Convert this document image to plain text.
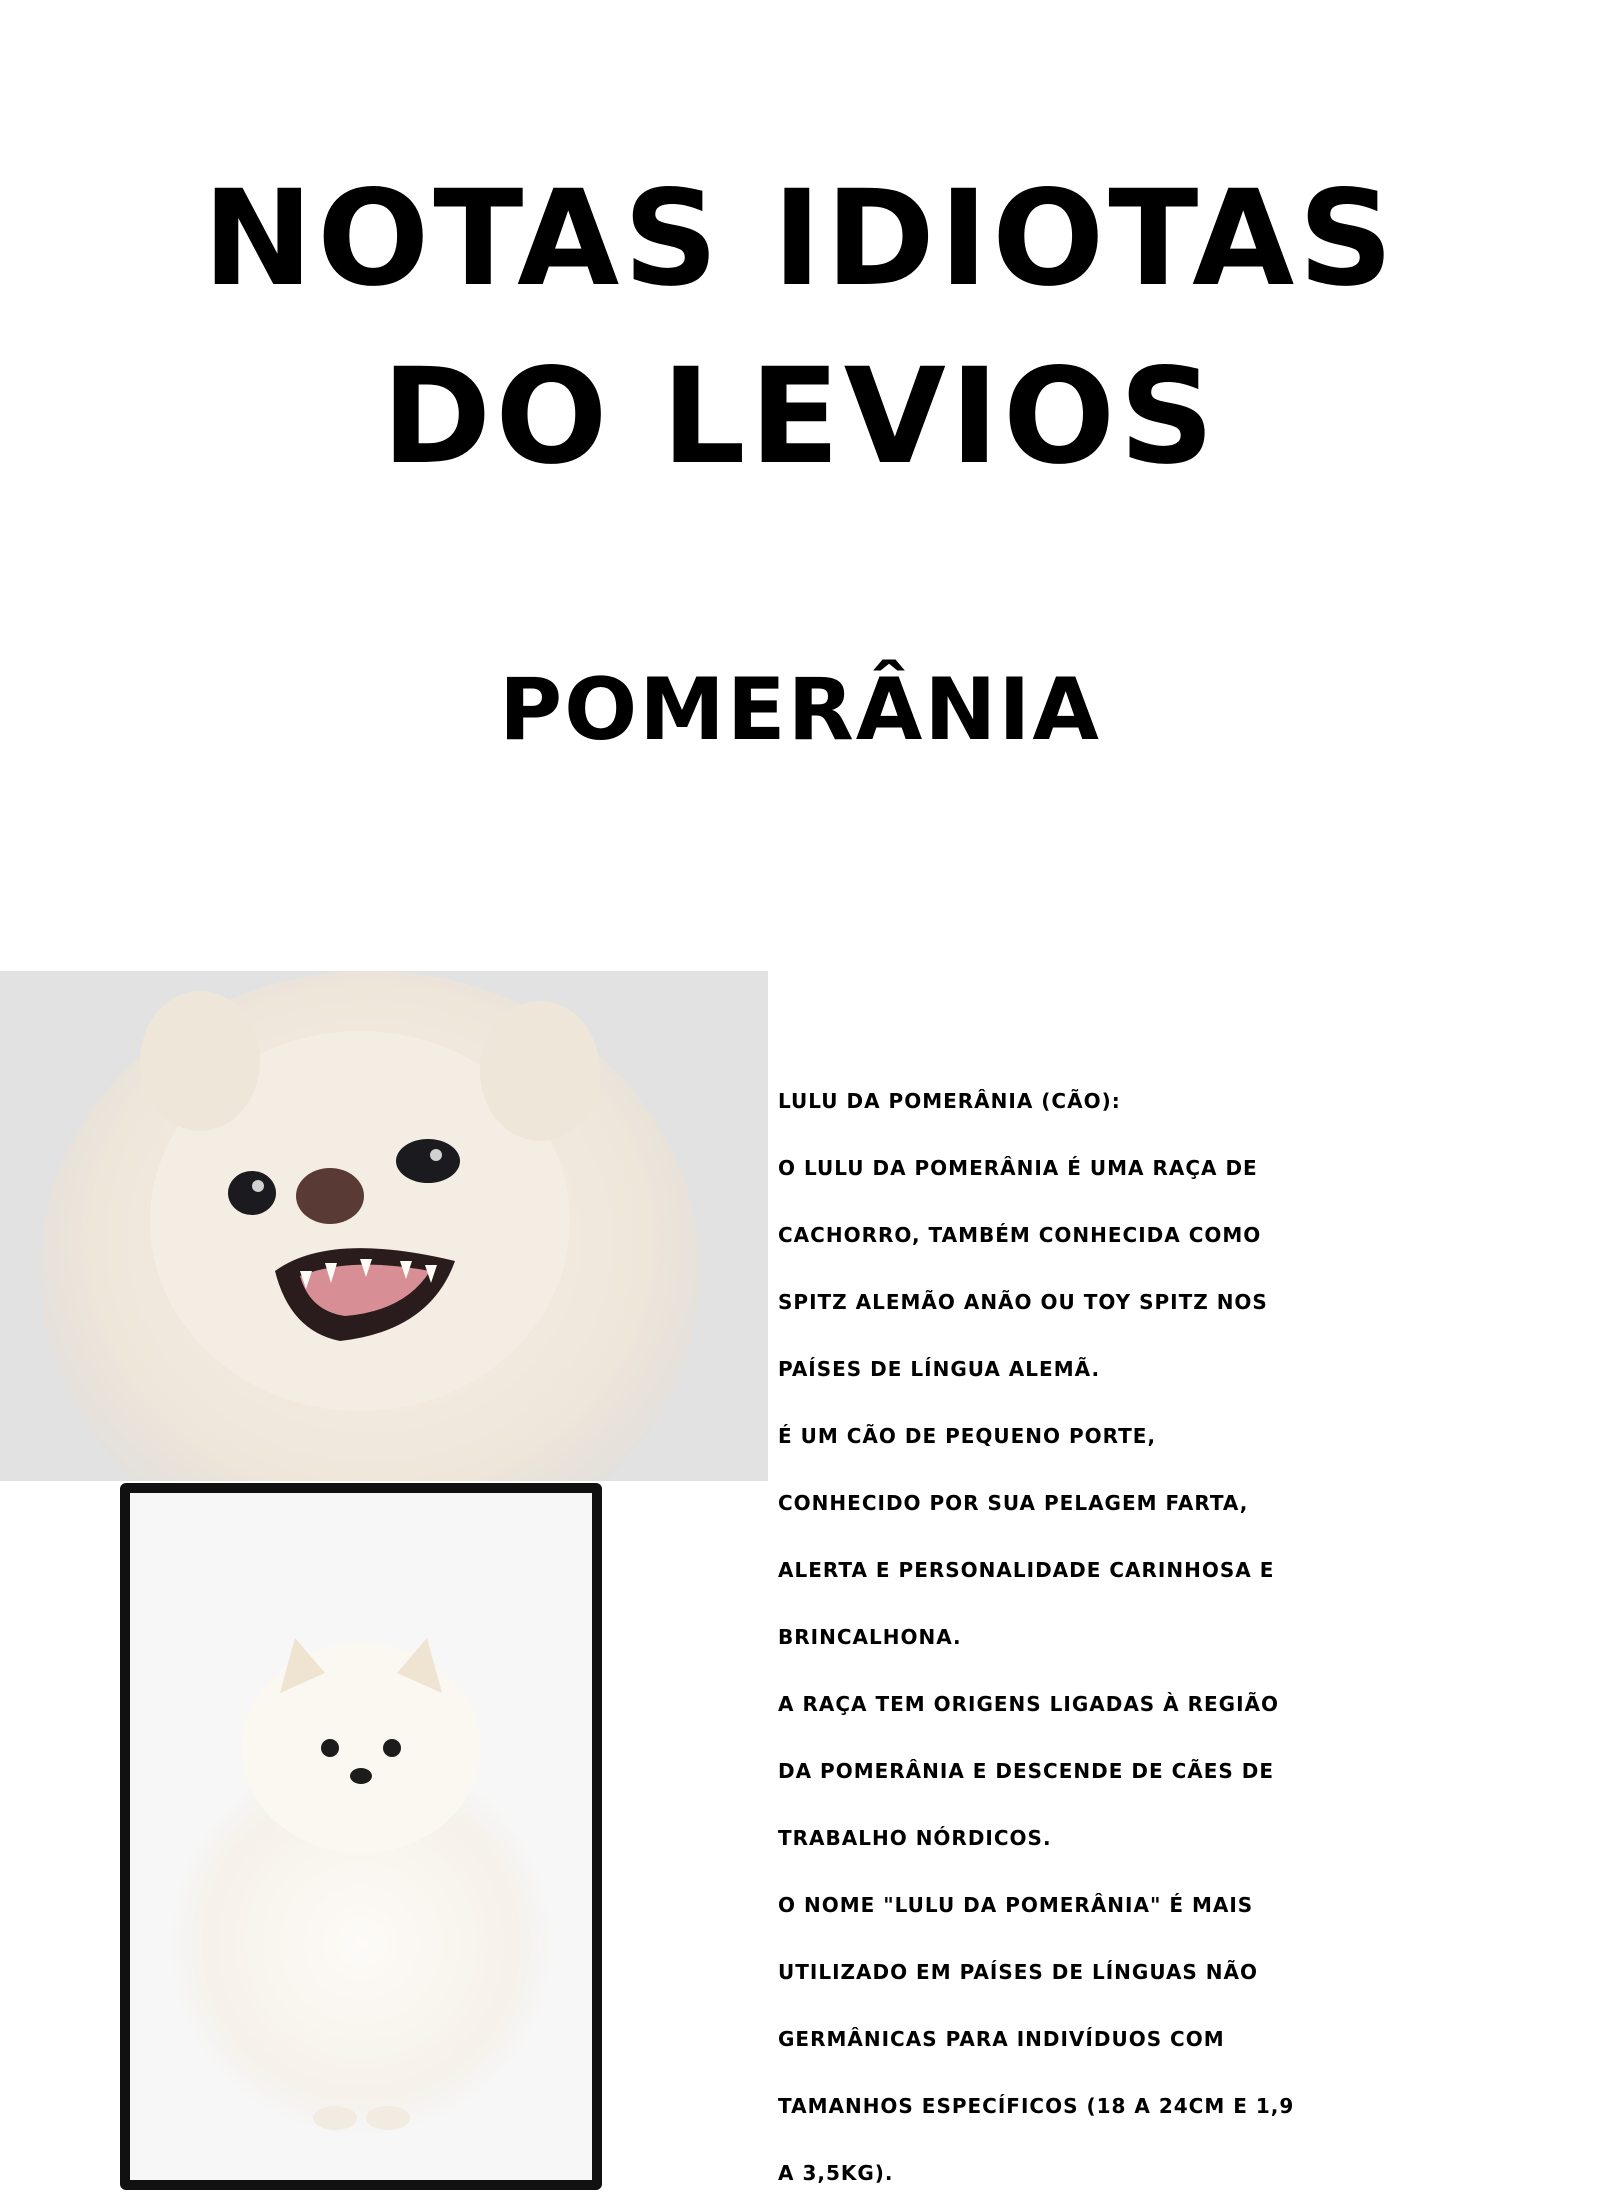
NOTAS IDIOTAS
DO LEVIOS
POMERÂNIA
LULU DA POMERÂNIA (CÃO):
O LULU DA POMERÂNIA É UMA RAÇA DE
CACHORRO, TAMBÉM CONHECIDA COMO
SPITZ ALEMÃO ANÃO OU TOY SPITZ NOS
PAÍSES DE LÍNGUA ALEMÃ.
É UM CÃO DE PEQUENO PORTE,
CONHECIDO POR SUA PELAGEM FARTA,
ALERTA E PERSONALIDADE CARINHOSA E
BRINCALHONA.
A RAÇA TEM ORIGENS LIGADAS À REGIÃO
DA POMERÂNIA E DESCENDE DE CÃES DE
TRABALHO NÓRDICOS.
O NOME "LULU DA POMERÂNIA" É MAIS
UTILIZADO EM PAÍSES DE LÍNGUAS NÃO
GERMÂNICAS PARA INDIVÍDUOS COM
TAMANHOS ESPECÍFICOS (18 A 24CM E 1,9
A 3,5KG).
